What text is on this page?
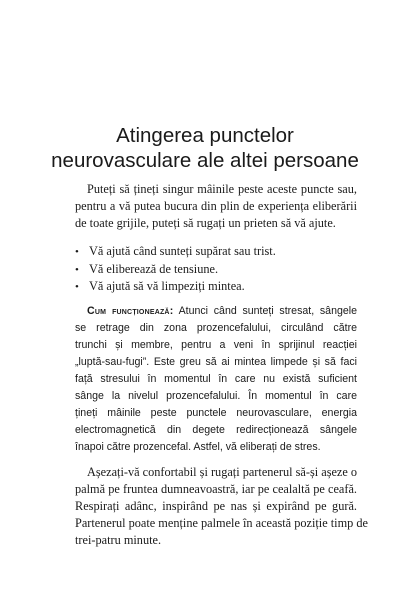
Atingerea punctelor
neurovasculare ale altei persoane

Puteți să țineți singur mâinile peste aceste puncte sau,
pentru a vă putea bucura din plin de experiența eliberării
de toate grijile, puteți să rugați un prieten să vă ajute.

• Vă ajută când sunteți supărat sau trist.
• Vă eliberează de tensiune.
• Vă ajută să vă limpeziți mintea.

Cum funcționează: Atunci când sunteți stresat, sângele
se retrage din zona prozencefalului, circulând către
trunchi și membre, pentru a veni în sprijinul reacției
„luptă-sau-fugi”. Este greu să ai mintea limpede și să faci
față stresului în momentul în care nu există suficient
sânge la nivelul prozencefalului. În momentul în care
țineți mâinile peste punctele neurovasculare, energia
electromagnetică din degete redirecționează sângele
înapoi către prozencefal. Astfel, vă eliberați de stres.

Așezați-vă confortabil și rugați partenerul să-și așeze o
palmă pe fruntea dumneavoastră, iar pe cealaltă pe ceafă.
Respirați adânc, inspirând pe nas și expirând pe gură.
Partenerul poate menține palmele în această poziție timp de
trei-patru minute.
